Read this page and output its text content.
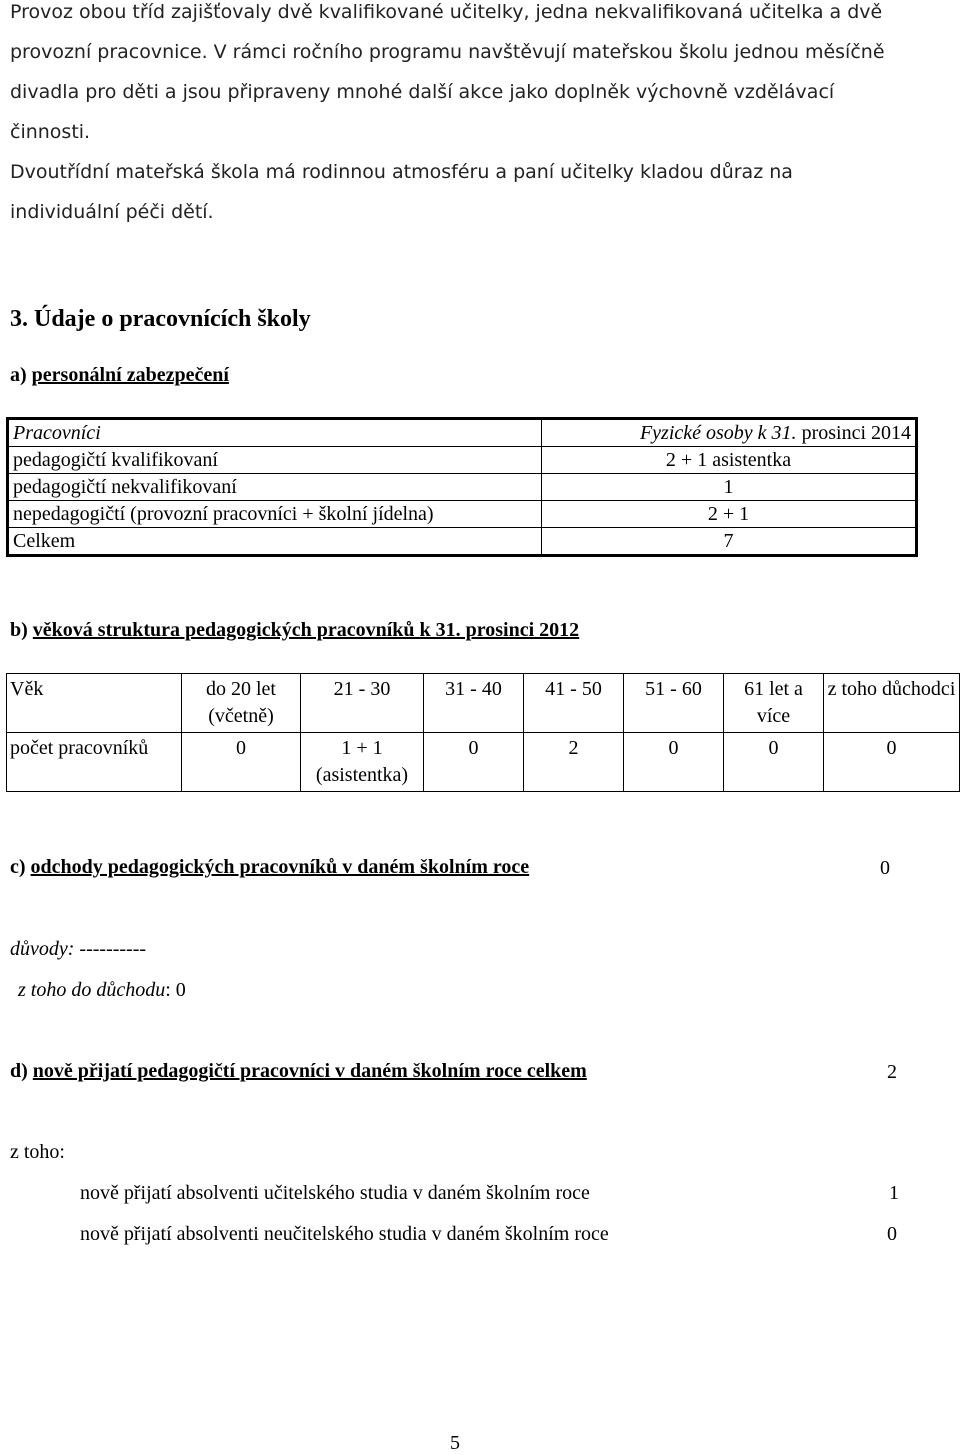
Provoz obou tříd zajišťovaly dvě kvalifikované učitelky, jedna nekvalifikovaná učitelka a dvě

provozní pracovnice. V rámci ročního programu navštěvují mateřskou školu jednou měsíčně

divadla pro děti a jsou připraveny mnohé další akce jako doplněk výchovně vzdělávací

činnosti.

Dvoutřídní mateřská škola má rodinnou atmosféru a paní učitelky kladou důraz na

individuální péči dětí.

3. Údaje o pracovnících školy
a) personální zabezpečení
Pracovníci	Fyzické osoby k 31. prosinci 2014
pedagogičtí kvalifikovaní	2 + 1 asistentka
pedagogičtí nekvalifikovaní	1
nepedagogičtí (provozní pracovníci + školní jídelna)	2 + 1
Celkem	7
b) věková struktura pedagogických pracovníků k 31. prosinci 2012
Věk	do 20 let (včetně)	21 - 30	31 - 40	41 - 50	51 - 60	61 let a více	z toho důchodci
počet pracovníků	0	1 + 1 (asistentka)	0	2	0	0	0
c) odchody pedagogických pracovníků v daném školním roce	0
důvody: ----------
z toho do důchodu: 0
d) nově přijatí pedagogičtí pracovníci v daném školním roce celkem	2
z toho:
nově přijatí absolventi učitelského studia v daném školním roce	1
nově přijatí absolventi neučitelského studia v daném školním roce	0
5
